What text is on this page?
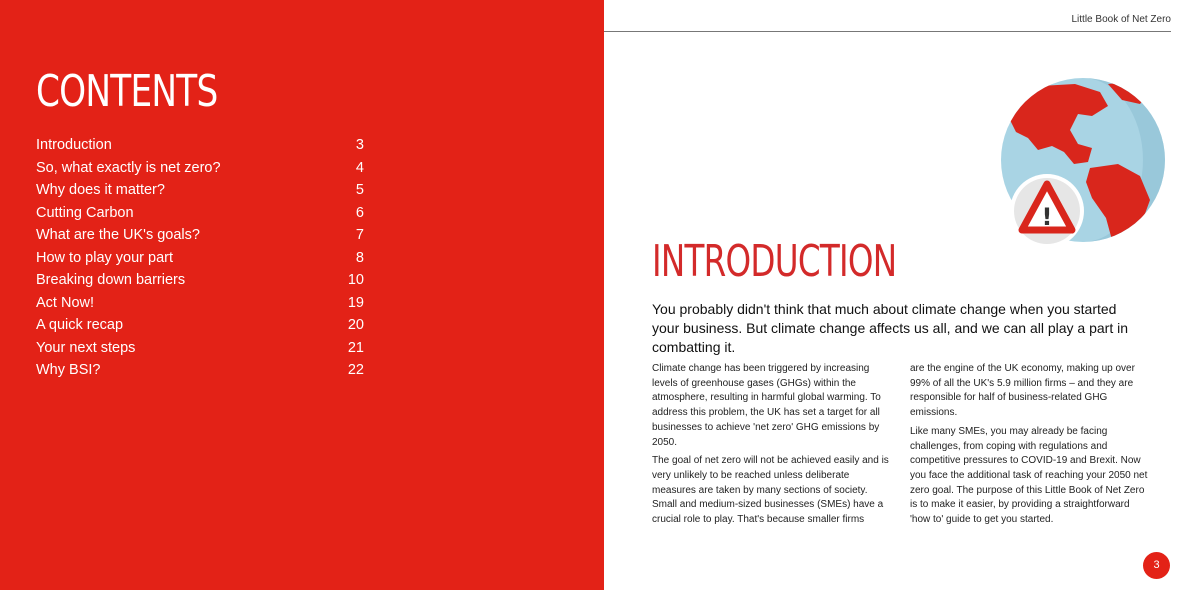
CONTENTS
Introduction	3
So, what exactly is net zero?	4
Why does it matter?	5
Cutting Carbon	6
What are the UK's goals?	7
How to play your part	8
Breaking down barriers	10
Act Now!	19
A quick recap	20
Your next steps	21
Why BSI?	22
Little Book of Net Zero
!
INTRODUCTION

You probably didn't think that much about climate change when you started your business. But climate change affects us all, and we can all play a part in combatting it.

Climate change has been triggered by increasing levels of greenhouse gases (GHGs) within the atmosphere, resulting in harmful global warming. To address this problem, the UK has set a target for all businesses to achieve 'net zero' GHG emissions by 2050.

The goal of net zero will not be achieved easily and is very unlikely to be reached unless deliberate measures are taken by many sections of society. Small and medium-sized businesses (SMEs) have a crucial role to play. That's because smaller firms

are the engine of the UK economy, making up over 99% of all the UK's 5.9 million firms – and they are responsible for half of business-related GHG emissions.

Like many SMEs, you may already be facing challenges, from coping with regulations and competitive pressures to COVID-19 and Brexit. Now you face the additional task of reaching your 2050 net zero goal. The purpose of this Little Book of Net Zero is to make it easier, by providing a straightforward 'how to' guide to get you started.

3
